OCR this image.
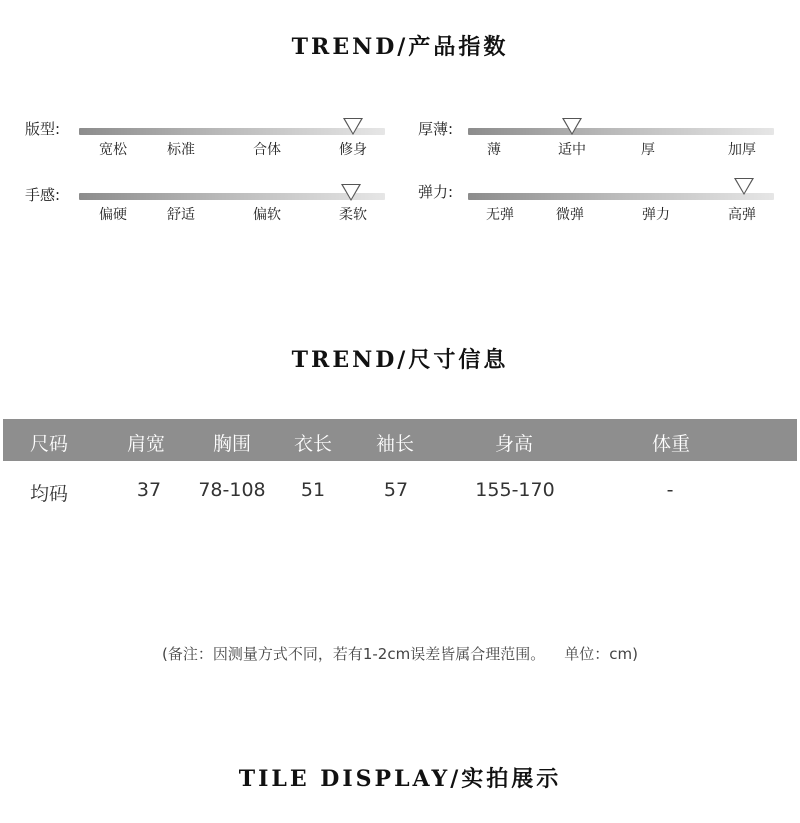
TREND/产品指数
版型:
宽松	标准	合体	修身
厚薄:
薄	适中	厚	加厚
手感:
偏硬	舒适	偏软	柔软
弹力:
无弹	微弹	弹力	高弹
TREND/尺寸信息
尺码	肩宽	胸围 衣长 袖长	身高	体重
均码	37 78-108 51	57	155-170	-
(备注：因测量方式不同，若有1-2cm误差皆属合理范围。    单位：cm)
TILE DISPLAY/实拍展示
